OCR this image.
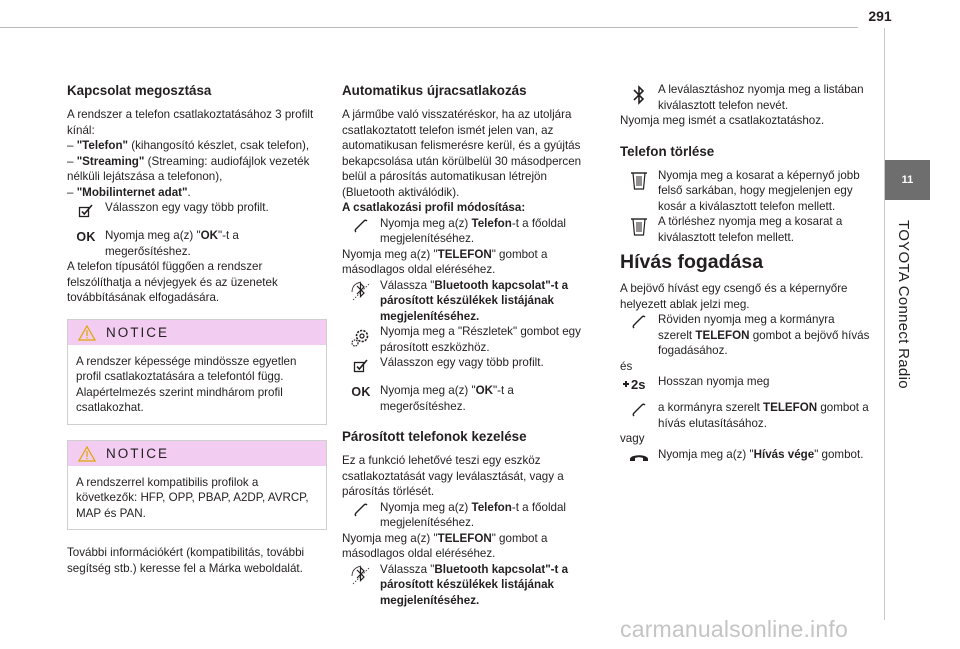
291
11
TOYOTA Connect Radio
Kapcsolat megosztása

A rendszer a telefon csatlakoztatásához 3 profilt kínál:

– "Telefon" (kihangosító készlet, csak telefon),

– "Streaming" (Streaming: audiofájlok vezeték nélküli lejátszása a telefonon),

– "Mobilinternet adat".

Válasszon egy vagy több profilt.

OK Nyomja meg a(z) "OK"-t a megerősítéshez.

A telefon típusától függően a rendszer felszólíthatja a névjegyek és az üzenetek továbbításának elfogadására.

NOTICE

A rendszer képessége mindössze egyetlen profil csatlakoztatására a telefontól függ. Alapértelmezés szerint mindhárom profil csatlakozhat.

NOTICE

A rendszerrel kompatibilis profilok a következők: HFP, OPP, PBAP, A2DP, AVRCP, MAP és PAN.

További információkért (kompatibilitás, további segítség stb.) keresse fel a Márka weboldalát.

Automatikus újracsatlakozás

A járműbe való visszatéréskor, ha az utoljára csatlakoztatott telefon ismét jelen van, az automatikusan felismerésre kerül, és a gyújtás bekapcsolása után körülbelül 30 másodpercen belül a párosítás automatikusan létrejön (Bluetooth aktiválódik).

A csatlakozási profil módosítása:

Nyomja meg a(z) Telefon-t a főoldal megjelenítéséhez.

Nyomja meg a(z) "TELEFON" gombot a másodlagos oldal eléréséhez.

Válassza "Bluetooth kapcsolat"-t a párosított készülékek listájának megjelenítéséhez.

Nyomja meg a "Részletek" gombot egy párosított eszközhöz.

Válasszon egy vagy több profilt.

OK Nyomja meg a(z) "OK"-t a megerősítéshez.

Párosított telefonok kezelése

Ez a funkció lehetővé teszi egy eszköz csatlakoztatását vagy leválasztását, vagy a párosítás törlését.

Nyomja meg a(z) Telefon-t a főoldal megjelenítéséhez.

Nyomja meg a(z) "TELEFON" gombot a másodlagos oldal eléréséhez.

Válassza "Bluetooth kapcsolat"-t a párosított készülékek listájának megjelenítéséhez.

A leválasztáshoz nyomja meg a listában kiválasztott telefon nevét.

Nyomja meg ismét a csatlakoztatáshoz.

Telefon törlése

Nyomja meg a kosarat a képernyő jobb felső sarkában, hogy megjelenjen egy kosár a kiválasztott telefon mellett.

A törléshez nyomja meg a kosarat a kiválasztott telefon mellett.

Hívás fogadása

A bejövő hívást egy csengő és a képernyőre helyezett ablak jelzi meg.

Röviden nyomja meg a kormányra szerelt TELEFON gombot a bejövő hívás fogadásához.

és

2s Hosszan nyomja meg

a kormányra szerelt TELEFON gombot a hívás elutasításához.

vagy

Nyomja meg a(z) "Hívás vége" gombot.

carmanualsonline.info
